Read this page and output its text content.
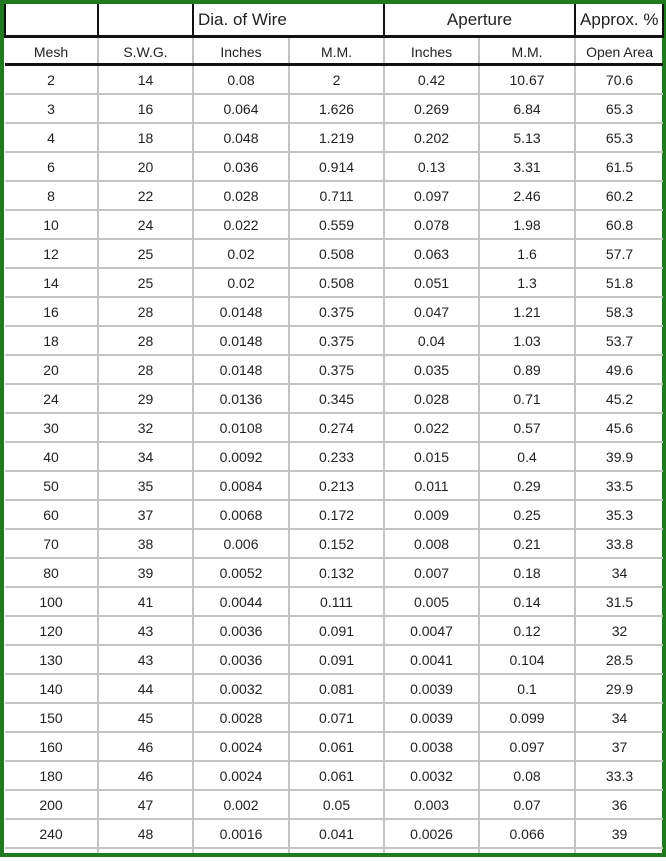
		Dia. of Wire		Aperture		Approx. %
Mesh	S.W.G.	Inches	M.M.	Inches	M.M.	Open Area
2	14	0.08	2	0.42	10.67	70.6
3	16	0.064	1.626	0.269	6.84	65.3
4	18	0.048	1.219	0.202	5.13	65.3
6	20	0.036	0.914	0.13	3.31	61.5
8	22	0.028	0.711	0.097	2.46	60.2
10	24	0.022	0.559	0.078	1.98	60.8
12	25	0.02	0.508	0.063	1.6	57.7
14	25	0.02	0.508	0.051	1.3	51.8
16	28	0.0148	0.375	0.047	1.21	58.3
18	28	0.0148	0.375	0.04	1.03	53.7
20	28	0.0148	0.375	0.035	0.89	49.6
24	29	0.0136	0.345	0.028	0.71	45.2
30	32	0.0108	0.274	0.022	0.57	45.6
40	34	0.0092	0.233	0.015	0.4	39.9
50	35	0.0084	0.213	0.011	0.29	33.5
60	37	0.0068	0.172	0.009	0.25	35.3
70	38	0.006	0.152	0.008	0.21	33.8
80	39	0.0052	0.132	0.007	0.18	34
100	41	0.0044	0.111	0.005	0.14	31.5
120	43	0.0036	0.091	0.0047	0.12	32
130	43	0.0036	0.091	0.0041	0.104	28.5
140	44	0.0032	0.081	0.0039	0.1	29.9
150	45	0.0028	0.071	0.0039	0.099	34
160	46	0.0024	0.061	0.0038	0.097	37
180	46	0.0024	0.061	0.0032	0.08	33.3
200	47	0.002	0.05	0.003	0.07	36
240	48	0.0016	0.041	0.0026	0.066	39
